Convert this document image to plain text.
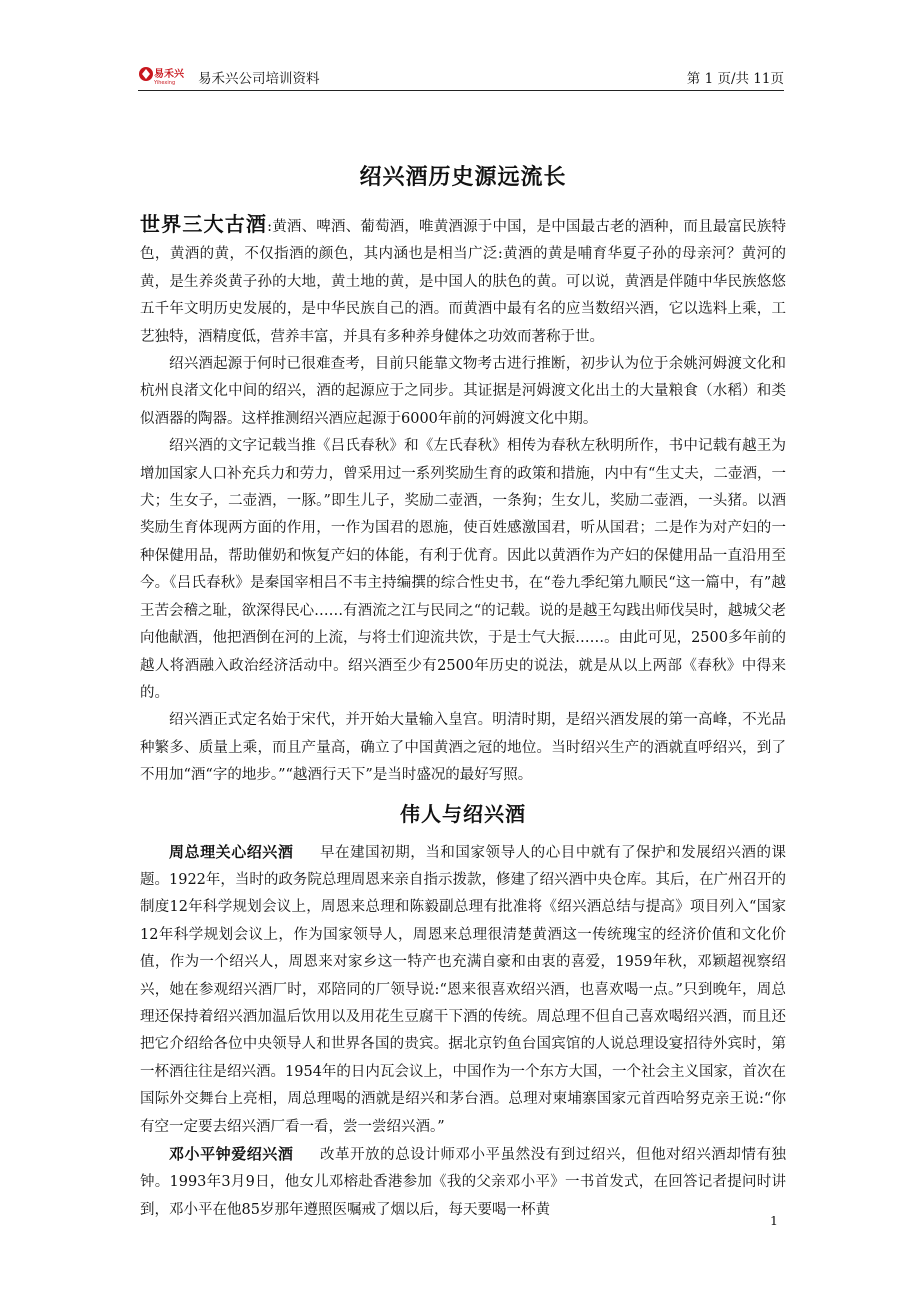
易禾兴
Yihexing 易禾兴公司培训资料	第 1 页/共 11页
绍兴酒历史源远流长

世界三大古酒:黄酒、啤酒、葡萄酒，唯黄酒源于中国，是中国最古老的酒种，而且最富民族特色，黄酒的黄，不仅指酒的颜色，其内涵也是相当广泛:黄酒的黄是哺育华夏子孙的母亲河？黄河的黄，是生养炎黄子孙的大地，黄土地的黄，是中国人的肤色的黄。可以说，黄酒是伴随中华民族悠悠五千年文明历史发展的，是中华民族自己的酒。而黄酒中最有名的应当数绍兴酒，它以选料上乘，工艺独特，酒精度低，营养丰富，并具有多种养身健体之功效而著称于世。

绍兴酒起源于何时已很难查考，目前只能靠文物考古进行推断，初步认为位于余姚河姆渡文化和杭州良渚文化中间的绍兴，酒的起源应于之同步。其证据是河姆渡文化出土的大量粮食（水稻）和类似酒器的陶器。这样推测绍兴酒应起源于6000年前的河姆渡文化中期。

绍兴酒的文字记载当推《吕氏春秋》和《左氏春秋》相传为春秋左秋明所作，书中记载有越王为增加国家人口补充兵力和劳力，曾采用过一系列奖励生育的政策和措施，内中有“生丈夫，二壶酒，一犬；生女子，二壶酒，一豚。”即生儿子，奖励二壶酒，一条狗；生女儿，奖励二壶酒，一头猪。以酒奖励生育体现两方面的作用，一作为国君的恩施，使百姓感激国君，听从国君；二是作为对产妇的一种保健用品，帮助催奶和恢复产妇的体能，有利于优育。因此以黄酒作为产妇的保健用品一直沿用至今。《吕氏春秋》是秦国宰相吕不韦主持编撰的综合性史书，在“卷九季纪第九顺民“这一篇中，有”越王苦会稽之耻，欲深得民心……有酒流之江与民同之“的记载。说的是越王勾践出师伐吴时，越城父老向他献酒，他把酒倒在河的上流，与将士们迎流共饮，于是士气大振……。由此可见，2500多年前的越人将酒融入政治经济活动中。绍兴酒至少有2500年历史的说法，就是从以上两部《春秋》中得来的。

绍兴酒正式定名始于宋代，并开始大量输入皇宫。明清时期，是绍兴酒发展的第一高峰，不光品种繁多、质量上乘，而且产量高，确立了中国黄酒之冠的地位。当时绍兴生产的酒就直呼绍兴，到了不用加“酒“字的地步。”“越酒行天下”是当时盛况的最好写照。

伟人与绍兴酒

周总理关心绍兴酒 早在建国初期，当和国家领导人的心目中就有了保护和发展绍兴酒的课题。1922年，当时的政务院总理周恩来亲自指示拨款，修建了绍兴酒中央仓库。其后，在广州召开的制度12年科学规划会议上，周恩来总理和陈毅副总理有批准将《绍兴酒总结与提高》项目列入“国家12年科学规划会议上，作为国家领导人，周恩来总理很清楚黄酒这一传统瑰宝的经济价值和文化价值，作为一个绍兴人，周恩来对家乡这一特产也充满自豪和由衷的喜爱，1959年秋，邓颖超视察绍兴，她在参观绍兴酒厂时，邓陪同的厂领导说:“恩来很喜欢绍兴酒，也喜欢喝一点。”只到晚年，周总理还保持着绍兴酒加温后饮用以及用花生豆腐干下酒的传统。周总理不但自己喜欢喝绍兴酒，而且还把它介绍给各位中央领导人和世界各国的贵宾。据北京钓鱼台国宾馆的人说总理设宴招待外宾时，第一杯酒往往是绍兴酒。1954年的日内瓦会议上，中国作为一个东方大国，一个社会主义国家，首次在国际外交舞台上亮相，周总理喝的酒就是绍兴和茅台酒。总理对柬埔寨国家元首西哈努克亲王说:“你有空一定要去绍兴酒厂看一看，尝一尝绍兴酒。”

邓小平钟爱绍兴酒 改革开放的总设计师邓小平虽然没有到过绍兴，但他对绍兴酒却情有独钟。1993年3月9日，他女儿邓榕赴香港参加《我的父亲邓小平》一书首发式，在回答记者提问时讲到，邓小平在他85岁那年遵照医嘱戒了烟以后，每天要喝一杯黄

1
